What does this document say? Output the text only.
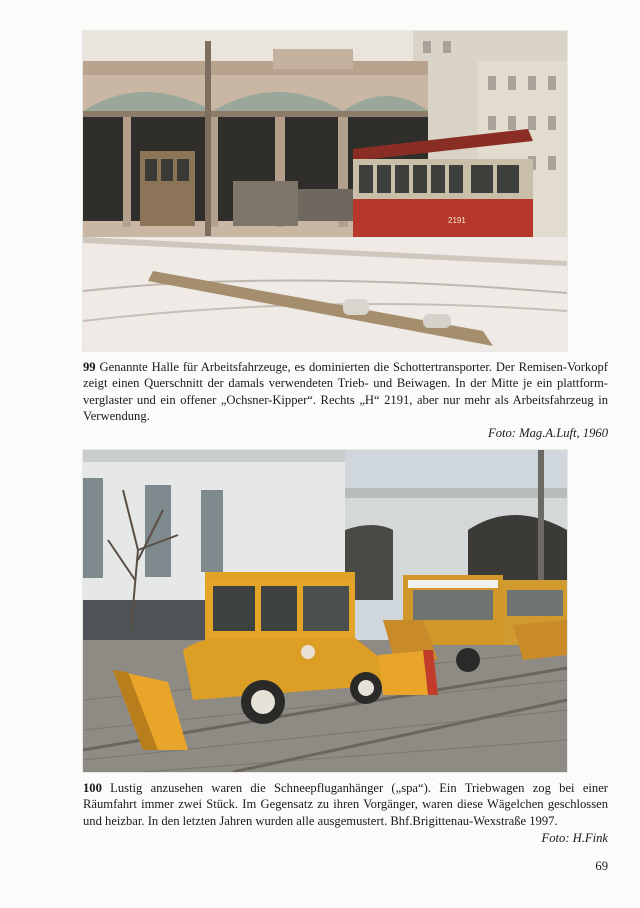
2191
99 Genannte Halle für Arbeitsfahrzeuge, es dominierten die Schottertransporter. Der Remisen-Vorkopf zeigt einen Querschnitt der damals verwendeten Trieb- und Beiwagen. In der Mitte je ein plattform-verglaster und ein offener „Ochsner-Kipper“. Rechts „H“ 2191, aber nur mehr als Arbeitsfahrzeug in Verwendung.
Foto: Mag.A.Luft, 1960
100 Lustig anzusehen waren die Schneepfluganhänger („spa“). Ein Triebwagen zog bei einer Räumfahrt immer zwei Stück. Im Gegensatz zu ihren Vorgänger, waren diese Wägelchen geschlossen und heizbar. In den letzten Jahren wurden alle ausgemustert. Bhf.Brigittenau-Wexstraße 1997.
Foto: H.Fink
69
